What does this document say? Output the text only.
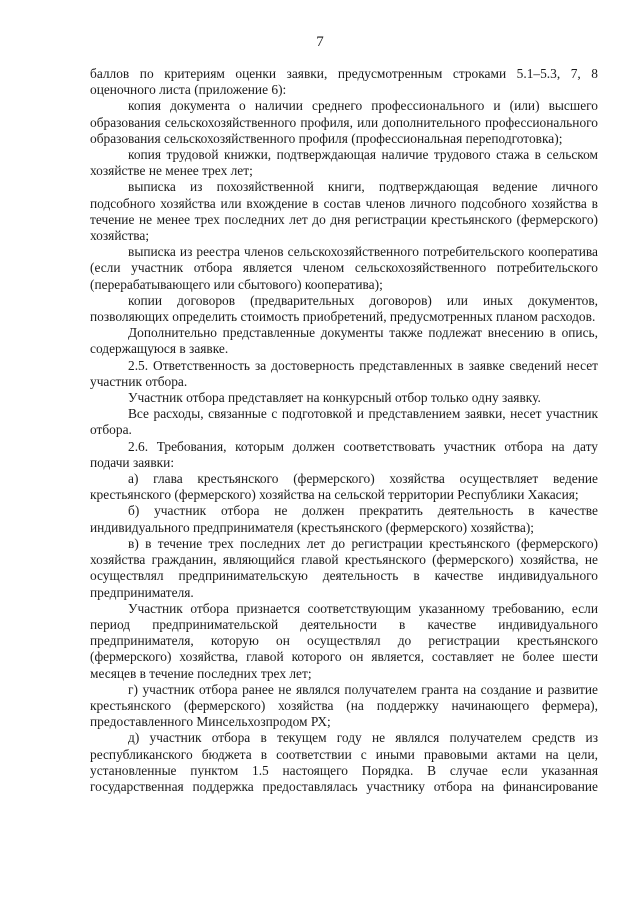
7

баллов по критериям оценки заявки, предусмотренным строками 5.1–5.3, 7, 8 оценочного листа (приложение 6):

копия документа о наличии среднего профессионального и (или) высшего образования сельскохозяйственного профиля, или дополнительного профессионального образования сельскохозяйственного профиля (профессиональная переподготовка);

копия трудовой книжки, подтверждающая наличие трудового стажа в сельском хозяйстве не менее трех лет;

выписка из похозяйственной книги, подтверждающая ведение личного подсобного хозяйства или вхождение в состав членов личного подсобного хозяйства в течение не менее трех последних лет до дня регистрации крестьянского (фермерского) хозяйства;

выписка из реестра членов сельскохозяйственного потребительского кооператива (если участник отбора является членом сельскохозяйственного потребительского (перерабатывающего или сбытового) кооператива);

копии договоров (предварительных договоров) или иных документов, позволяющих определить стоимость приобретений, предусмотренных планом расходов.

Дополнительно представленные документы также подлежат внесению в опись, содержащуюся в заявке.

2.5. Ответственность за достоверность представленных в заявке сведений несет участник отбора.

Участник отбора представляет на конкурсный отбор только одну заявку.

Все расходы, связанные с подготовкой и представлением заявки, несет участник отбора.

2.6. Требования, которым должен соответствовать участник отбора на дату подачи заявки:

а) глава крестьянского (фермерского) хозяйства осуществляет ведение крестьянского (фермерского) хозяйства на сельской территории Республики Хакасия;

б) участник отбора не должен прекратить деятельность в качестве индивидуального предпринимателя (крестьянского (фермерского) хозяйства);

в) в течение трех последних лет до регистрации крестьянского (фермерского) хозяйства гражданин, являющийся главой крестьянского (фермерского) хозяйства, не осуществлял предпринимательскую деятельность в качестве индивидуального предпринимателя.

Участник отбора признается соответствующим указанному требованию, если период предпринимательской деятельности в качестве индивидуального предпринимателя, которую он осуществлял до регистрации крестьянского (фермерского) хозяйства, главой которого он является, составляет не более шести месяцев в течение последних трех лет;

г) участник отбора ранее не являлся получателем гранта на создание и развитие крестьянского (фермерского) хозяйства (на поддержку начинающего фермера), предоставленного Минсельхозпродом РХ;

д) участник отбора в текущем году не являлся получателем средств из республиканского бюджета в соответствии с иными правовыми актами на цели, установленные пунктом 1.5 настоящего Порядка. В случае если указанная государственная поддержка предоставлялась участнику отбора на финансирование
